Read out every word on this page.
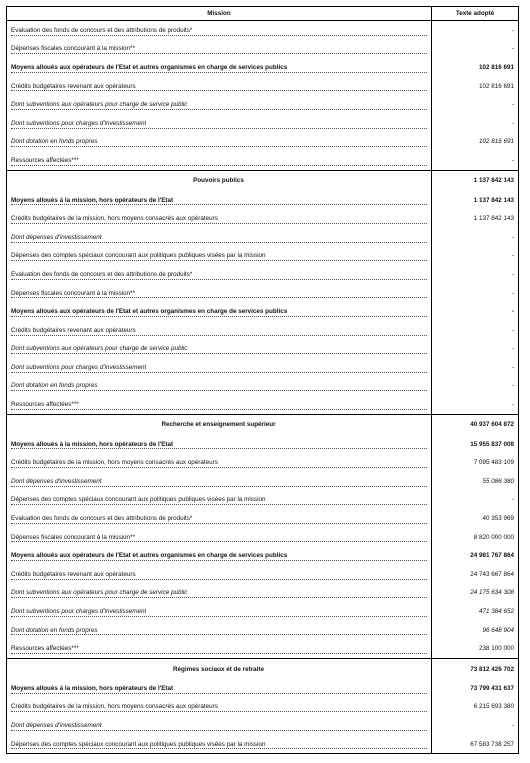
Mission	Texte adopté
Evaluation des fonds de concours et des attributions de produits*	-
Dépenses fiscales concourant à la mission**	-
Moyens alloués aux opérateurs de l'Etat et autres organismes en charge de services publics	102 816 691
Crédits budgétaires revenant aux opérateurs	102 816 691
Dont subventions aux opérateurs pour charge de service public	-
Dont subventions pour charges d'investissement	-
Dont dotation en fonds propres	102 816 691
Ressources affectées***	-
Pouvoirs publics	1 137 842 143
Moyens alloués à la mission, hors opérateurs de l'Etat	1 137 842 143
Crédits budgétaires de la mission, hors moyens consacrés aux opérateurs	1 137 842 143
Dont dépenses d'investissement	-
Dépenses des comptes spéciaux concourant aux politiques publiques visées par la mission	-
Evaluation des fonds de concours et des attributions de produits*	-
Dépenses fiscales concourant à la mission**	-
Moyens alloués aux opérateurs de l'Etat et autres organismes en charge de services publics	-
Crédits budgétaires revenant aux opérateurs	-
Dont subventions aux opérateurs pour charge de service public	-
Dont subventions pour charges d'investissement	-
Dont dotation en fonds propres	-
Ressources affectées***	-
Recherche et enseignement supérieur	40 937 604 872
Moyens alloués à la mission, hors opérateurs de l'Etat	15 955 837 008
Crédits budgétaires de la mission, hors moyens consacrés aux opérateurs	7 095 483 109
Dont dépenses d'investissement	55 086 380
Dépenses des comptes spéciaux concourant aux politiques publiques visées par la mission	-
Evaluation des fonds de concours et des attributions de produits*	40 353 969
Dépenses fiscales concourant à la mission**	8 820 000 000
Moyens alloués aux opérateurs de l'Etat et autres organismes en charge de services publics	24 981 767 864
Crédits budgétaires revenant aux opérateurs	24 743 667 864
Dont subventions aux opérateurs pour charge de service public	24 175 634 308
Dont subventions pour charges d'investissement	471 384 652
Dont dotation en fonds propres	96 648 904
Ressources affectées***	238 100 000
Régimes sociaux et de retraite	73 812 426 702
Moyens alloués à la mission, hors opérateurs de l'Etat	73 799 431 637
Crédits budgétaires de la mission, hors moyens consacrés aux opérateurs	6 215 693 380
Dont dépenses d'investissement	-
Dépenses des comptes spéciaux concourant aux politiques publiques visées par la mission	67 583 738 257
